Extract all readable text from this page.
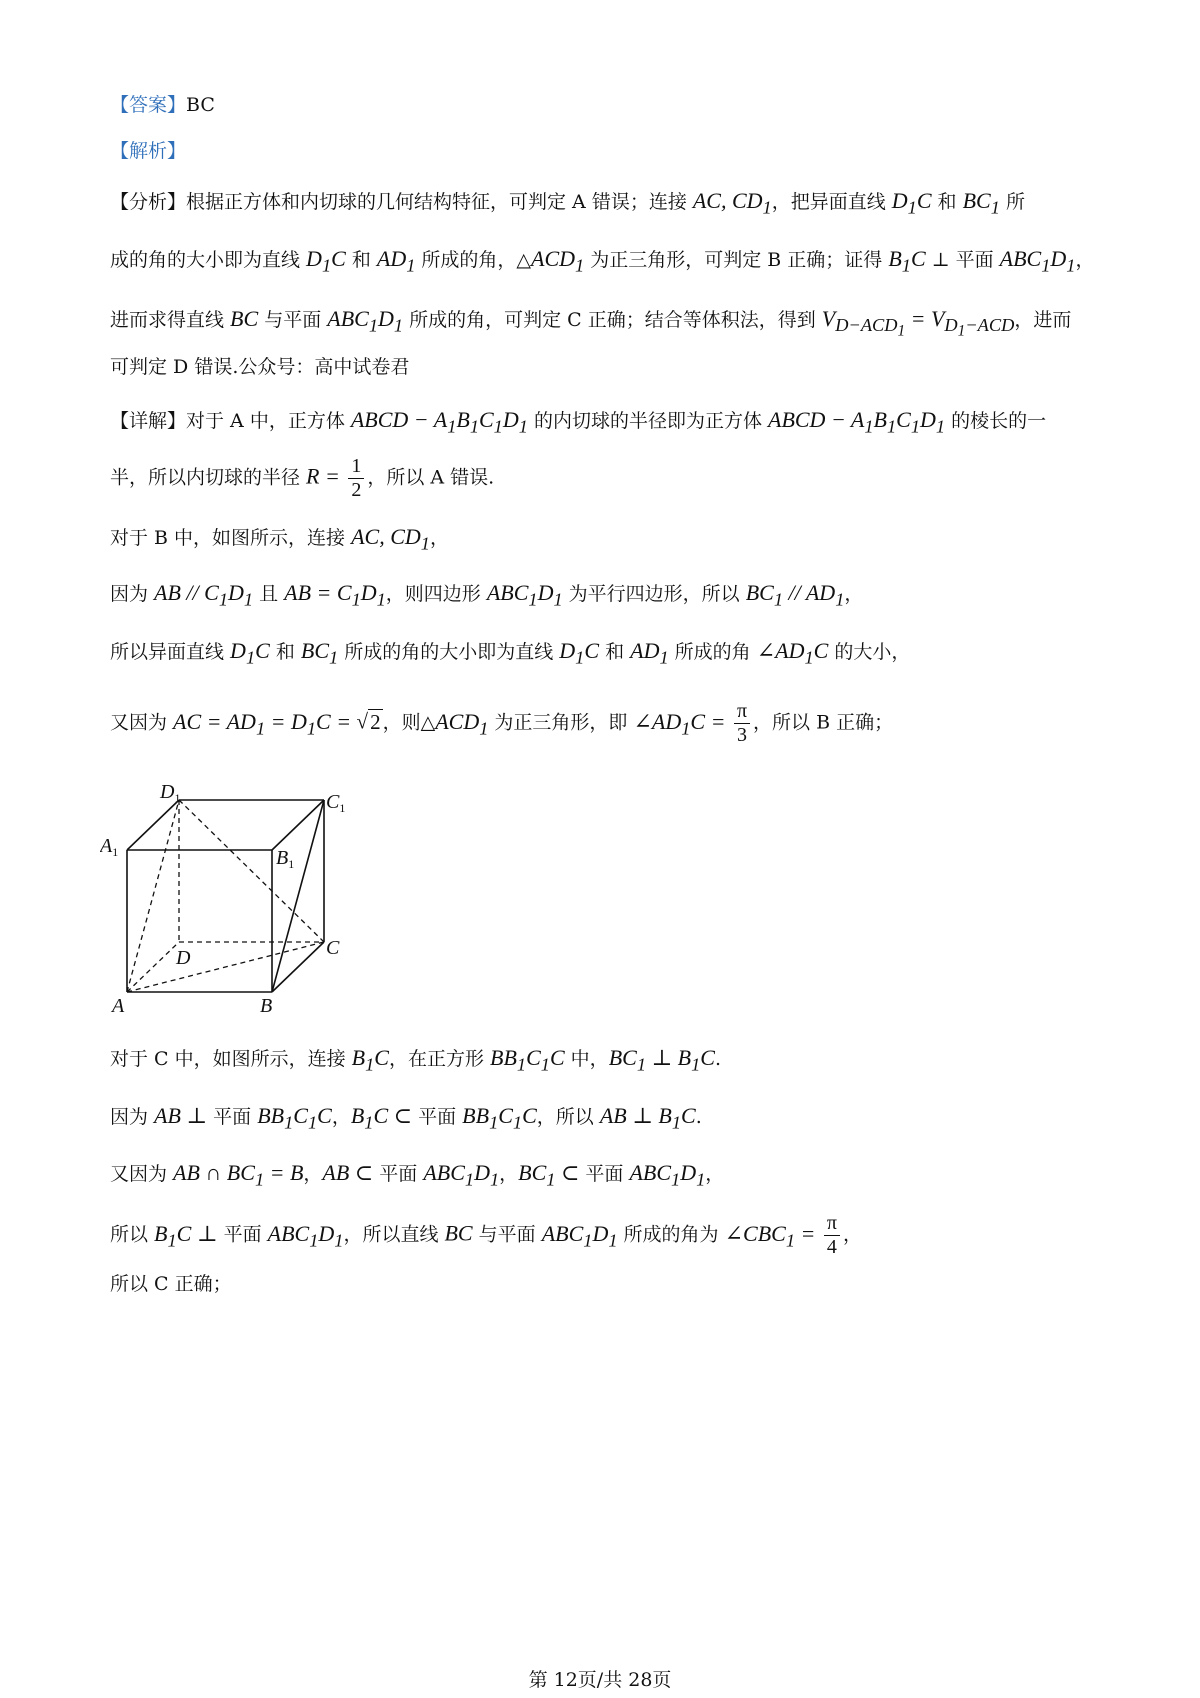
【答案】BC
【解析】
【分析】根据正方体和内切球的几何结构特征，可判定 A 错误；连接 AC, $CD_1$，把异面直线 $D_1C$ 和 $BC_1$ 所
成的角的大小即为直线 $D_1C$ 和 $AD_1$ 所成的角，$\triangle ACD_1$ 为正三角形，可判定 B 正确；证得 $B_1C$ ⊥ 平面 $ABC_1D_1$，
进而求得直线 BC 与平面 $ABC_1D_1$ 所成的角，可判定 C 正确；结合等体积法，得到 $V_{D-ACD_1} = V_{D_1-ACD}$，进而
可判定 D 错误.公众号：高中试卷君
【详解】对于 A 中，正方体 ABCD − $A_1B_1C_1D_1$ 的内切球的半径即为正方体 ABCD − $A_1B_1C_1D_1$ 的棱长的一
半，所以内切球的半径 $R = \frac{1}{2}$ ，所以 A 错误.
对于 B 中，如图所示，连接 AC, $CD_1$，
因为 AB // $C_1D_1$ 且 AB = $C_1D_1$，则四边形 $ABC_1D_1$ 为平行四边形，所以 $BC_1 // AD_1$，
所以异面直线 $D_1C$ 和 $BC_1$ 所成的角的大小即为直线 $D_1C$ 和 $AD_1$ 所成的角 $\angle AD_1C$ 的大小，
又因为 AC = $AD_1 = D_1C = √2$ ，则$\triangle ACD_1$ 为正三角形，即 $\angle AD_1C = \frac{\pi}{3}$ ，所以 B 正确；
$D_1$	$C_1$
$A_1$	$B_1$
C
D
A	B
对于 C 中，如图所示，连接 $B_1C$，在正方形 $BB_1C_1C$ 中，$BC_1$ ⊥ $B_1C$.
因为 AB ⊥ 平面 $BB_1C_1C$，$B_1C$ ⊂ 平面 $BB_1C_1C$，所以 AB ⊥ $B_1C$.
又因为 AB ∩ $BC_1 = B$，AB ⊂ 平面 $ABC_1D_1$，$BC_1$ ⊂ 平面 $ABC_1D_1$，
所以 $B_1C$ ⊥ 平面 $ABC_1D_1$，所以直线 BC 与平面 $ABC_1D_1$ 所成的角为 $\angle CBC_1 = \frac{\pi}{4}$ ，
所以 C 正确；
第 12页/共 28页
